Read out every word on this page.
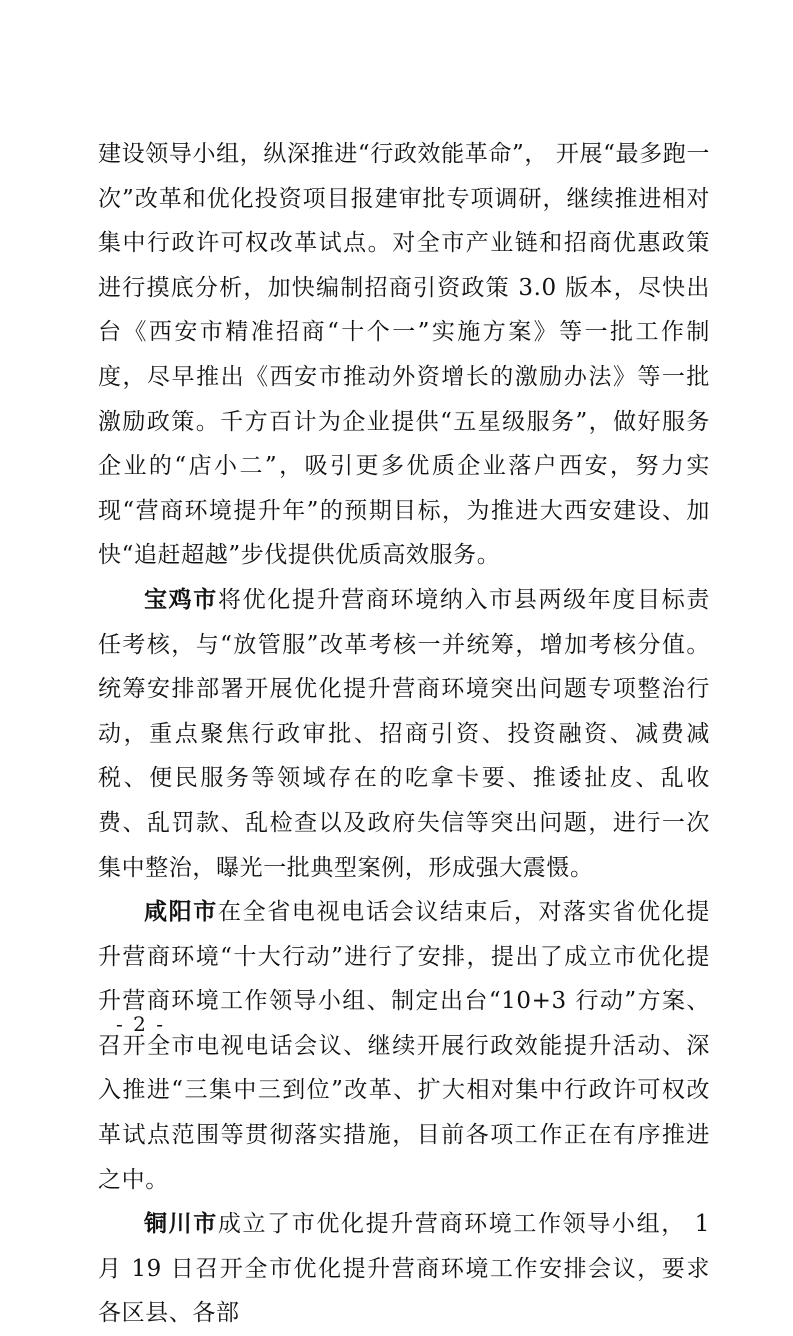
建设领导小组，纵深推进“行政效能革命”， 开展“最多跑一次”改革和优化投资项目报建审批专项调研，继续推进相对集中行政许可权改革试点。对全市产业链和招商优惠政策进行摸底分析，加快编制招商引资政策 3.0 版本，尽快出台《西安市精准招商“十个一”实施方案》等一批工作制度，尽早推出《西安市推动外资增长的激励办法》等一批激励政策。千方百计为企业提供“五星级服务”，做好服务企业的“店小二”，吸引更多优质企业落户西安，努力实现“营商环境提升年”的预期目标，为推进大西安建设、加快“追赶超越”步伐提供优质高效服务。

宝鸡市将优化提升营商环境纳入市县两级年度目标责任考核，与“放管服”改革考核一并统筹，增加考核分值。统筹安排部署开展优化提升营商环境突出问题专项整治行动，重点聚焦行政审批、招商引资、投资融资、减费减税、便民服务等领域存在的吃拿卡要、推诿扯皮、乱收费、乱罚款、乱检查以及政府失信等突出问题，进行一次集中整治，曝光一批典型案例，形成强大震慑。

咸阳市在全省电视电话会议结束后，对落实省优化提升营商环境“十大行动”进行了安排，提出了成立市优化提升营商环境工作领导小组、制定出台“10+3 行动”方案、召开全市电视电话会议、继续开展行政效能提升活动、深入推进“三集中三到位”改革、扩大相对集中行政许可权改革试点范围等贯彻落实措施，目前各项工作正在有序推进之中。

铜川市成立了市优化提升营商环境工作领导小组， 1 月 19 日召开全市优化提升营商环境工作安排会议，要求各区县、各部

- 2 -
